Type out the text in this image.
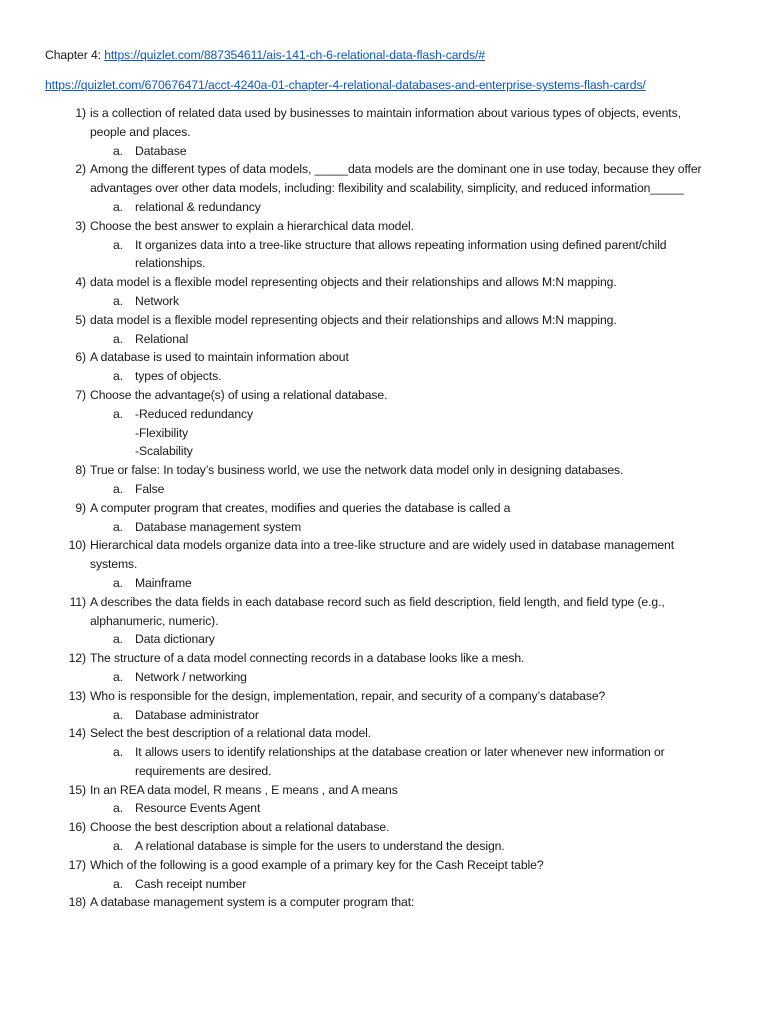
Chapter 4: https://quizlet.com/887354611/ais-141-ch-6-relational-data-flash-cards/#
https://quizlet.com/670676471/acct-4240a-01-chapter-4-relational-databases-and-enterprise-systems-flash-cards/
1) is a collection of related data used by businesses to maintain information about various types of objects, events, people and places.
a. Database
2) Among the different types of data models, _____data models are the dominant one in use today, because they offer advantages over other data models, including: flexibility and scalability, simplicity, and reduced information_____
a. relational & redundancy
3) Choose the best answer to explain a hierarchical data model.
a. It organizes data into a tree-like structure that allows repeating information using defined parent/child relationships.
4) data model is a flexible model representing objects and their relationships and allows M:N mapping.
a. Network
5) data model is a flexible model representing objects and their relationships and allows M:N mapping.
a. Relational
6) A database is used to maintain information about
a. types of objects.
7) Choose the advantage(s) of using a relational database.
a. -Reduced redundancy
-Flexibility
-Scalability
8) True or false: In today’s business world, we use the network data model only in designing databases.
a. False
9) A computer program that creates, modifies and queries the database is called a
a. Database management system
10) Hierarchical data models organize data into a tree-like structure and are widely used in database management systems.
a. Mainframe
11) A describes the data fields in each database record such as field description, field length, and field type (e.g., alphanumeric, numeric).
a. Data dictionary
12) The structure of a data model connecting records in a database looks like a mesh.
a. Network / networking
13) Who is responsible for the design, implementation, repair, and security of a company’s database?
a. Database administrator
14) Select the best description of a relational data model.
a. It allows users to identify relationships at the database creation or later whenever new information or requirements are desired.
15) In an REA data model, R means , E means , and A means
a. Resource Events Agent
16) Choose the best description about a relational database.
a. A relational database is simple for the users to understand the design.
17) Which of the following is a good example of a primary key for the Cash Receipt table?
a. Cash receipt number
18) A database management system is a computer program that:
